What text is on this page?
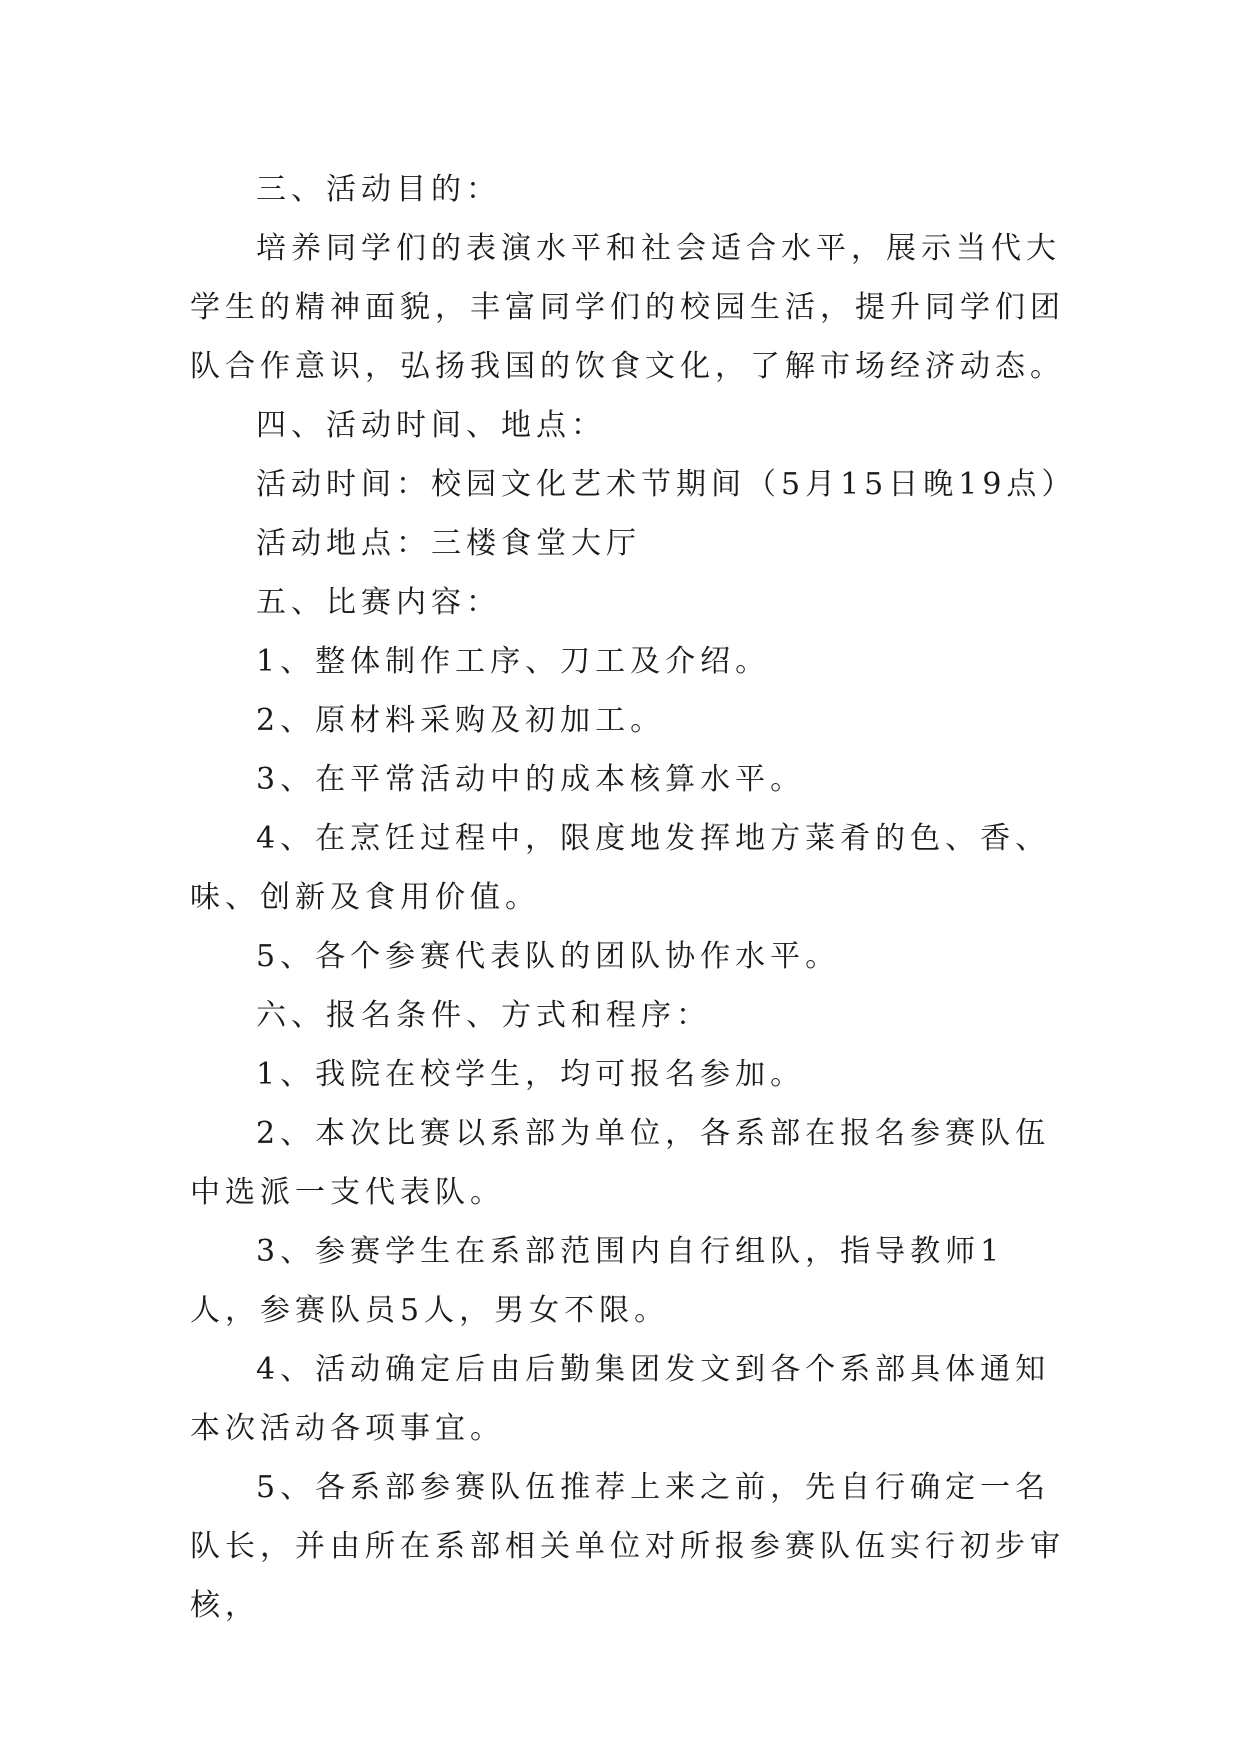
三、活动目的：

培养同学们的表演水平和社会适合水平，展示当代大学生的精神面貌，丰富同学们的校园生活，提升同学们团队合作意识，弘扬我国的饮食文化，了解市场经济动态。

四、活动时间、地点：

活动时间：校园文化艺术节期间（5月15日晚19点）

活动地点：三楼食堂大厅

五、比赛内容：

1、整体制作工序、刀工及介绍。

2、原材料采购及初加工。

3、在平常活动中的成本核算水平。

4、在烹饪过程中，限度地发挥地方菜肴的色、香、味、创新及食用价值。

5、各个参赛代表队的团队协作水平。

六、报名条件、方式和程序：

1、我院在校学生，均可报名参加。

2、本次比赛以系部为单位，各系部在报名参赛队伍中选派一支代表队。

3、参赛学生在系部范围内自行组队，指导教师1人，参赛队员5人，男女不限。

4、活动确定后由后勤集团发文到各个系部具体通知本次活动各项事宜。

5、各系部参赛队伍推荐上来之前，先自行确定一名队长，并由所在系部相关单位对所报参赛队伍实行初步审核，
